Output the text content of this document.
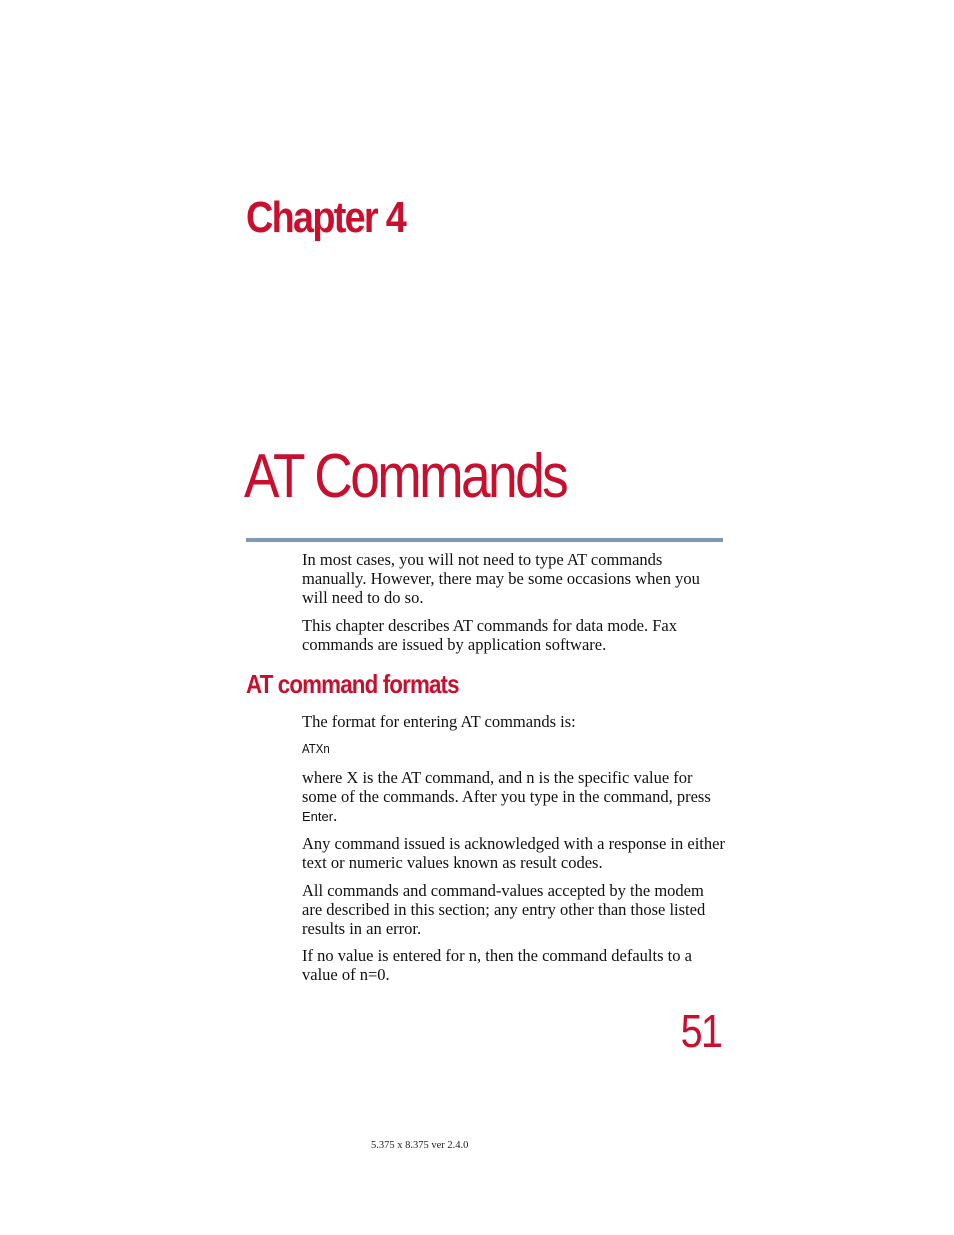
Chapter 4
AT Commands

In most cases, you will not need to type AT commands manually. However, there may be some occasions when you will need to do so.

This chapter describes AT commands for data mode. Fax commands are issued by application software.

AT command formats

The format for entering AT commands is:

ATXn

where X is the AT command, and n is the specific value for some of the commands. After you type in the command, press Enter.

Any command issued is acknowledged with a response in either text or numeric values known as result codes.

All commands and command-values accepted by the modem are described in this section; any entry other than those listed results in an error.

If no value is entered for n, then the command defaults to a value of n=0.

51
5.375 x 8.375 ver 2.4.0
